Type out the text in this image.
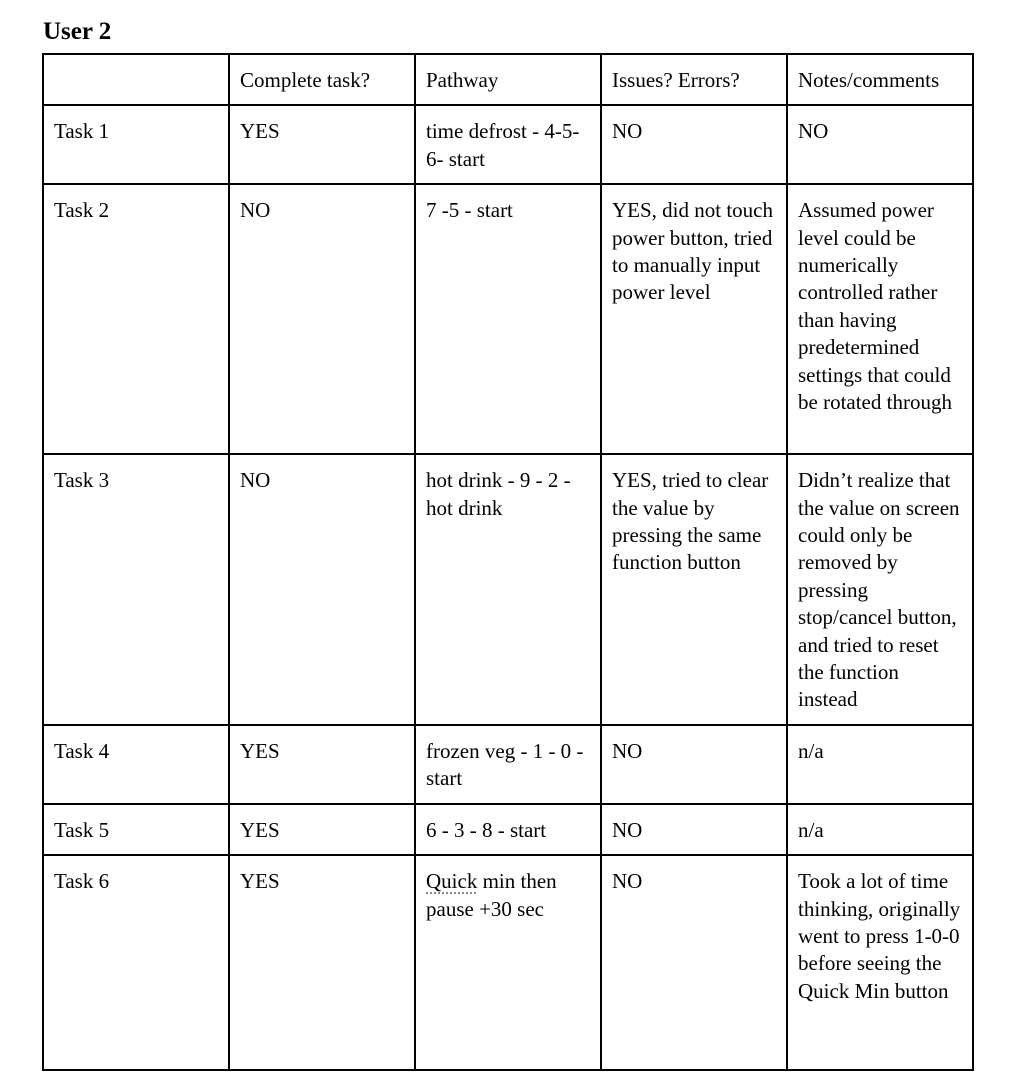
User 2
	Complete task?	Pathway	Issues? Errors?	Notes/comments
Task 1	YES	time defrost - 4-5-6- start	NO	NO
Task 2	NO	7 -5 - start	YES, did not touch power button, tried to manually input power level	Assumed power level could be numerically controlled rather than having predetermined settings that could be rotated through
Task 3	NO	hot drink - 9 - 2 - hot drink	YES, tried to clear the value by pressing the same function button	Didn’t realize that the value on screen could only be removed by pressing stop/cancel button, and tried to reset the function instead
Task 4	YES	frozen veg - 1 - 0 - start	NO	n/a
Task 5	YES	6 - 3 - 8 - start	NO	n/a
Task 6	YES	Quick min then pause +30 sec	NO	Took a lot of time thinking, originally went to press 1-0-0 before seeing the Quick Min button
